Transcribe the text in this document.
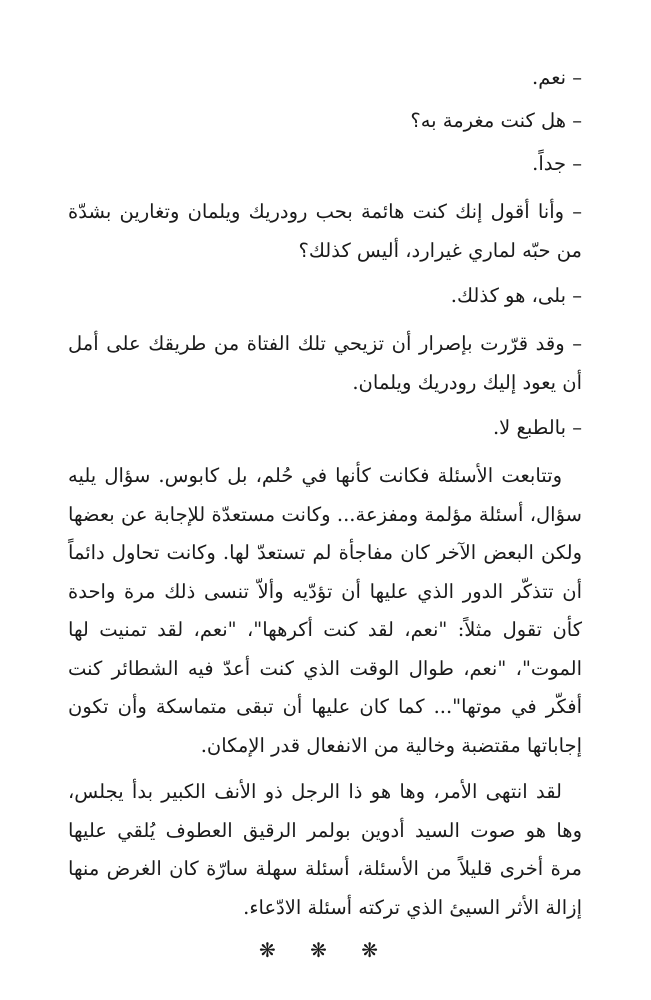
– نعم.
– هل كنت مغرمة به؟
– جداً.

– وأنا أقول إنك كنت هائمة بحب رودريك ويلمان وتغارين بشدّة من حبّه لماري غيرارد، أليس كذلك؟

– بلى، هو كذلك.

– وقد قرّرت بإصرار أن تزيحي تلك الفتاة من طريقك على أمل أن يعود إليك رودريك ويلمان.

– بالطبع لا.

وتتابعت الأسئلة فكانت كأنها في حُلم، بل كابوس. سؤال يليه سؤال، أسئلة مؤلمة ومفزعة... وكانت مستعدّة للإجابة عن بعضها ولكن البعض الآخر كان مفاجأة لم تستعدّ لها. وكانت تحاول دائماً أن تتذكّر الدور الذي عليها أن تؤدّيه وألاّ تنسى ذلك مرة واحدة كأن تقول مثلاً: "نعم، لقد كنت أكرهها"، "نعم، لقد تمنيت لها الموت"، "نعم، طوال الوقت الذي كنت أعدّ فيه الشطائر كنت أفكّر في موتها"... كما كان عليها أن تبقى متماسكة وأن تكون إجاباتها مقتضبة وخالية من الانفعال قدر الإمكان.

لقد انتهى الأمر، وها هو ذا الرجل ذو الأنف الكبير بدأ يجلس، وها هو صوت السيد أدوين بولمر الرقيق العطوف يُلقي عليها مرة أخرى قليلاً من الأسئلة، أسئلة سهلة سارّة كان الغرض منها إزالة الأثر السيئ الذي تركته أسئلة الادّعاء.

❋ ❋ ❋
